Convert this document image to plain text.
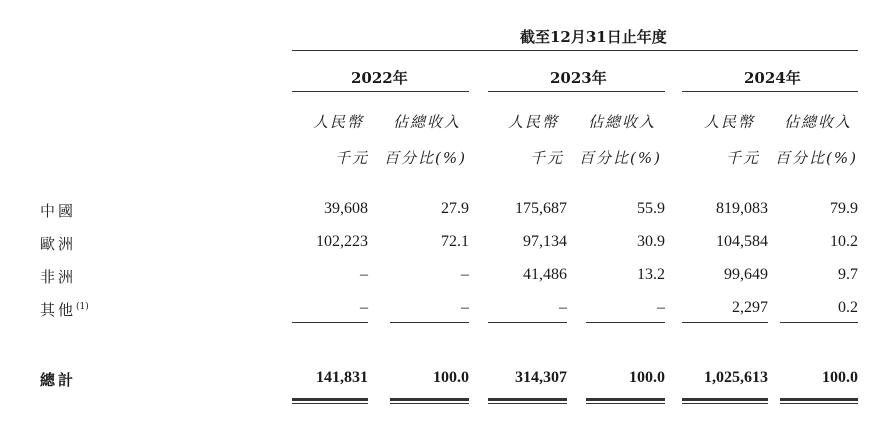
截至12月31日止年度
2022年	2023年	2024年
人民幣 佔總收入
千元 百分比(%)
人民幣 佔總收入
千元 百分比(%)
人民幣 佔總收入
千元 百分比(%)
中國	39,608	27.9	175,687	55.9	819,083	79.9
歐洲	102,223	72.1	97,134	30.9	104,584	10.2
非洲	–	–	41,486	13.2	99,649	9.7
其他$^{(1)}$	–	–	–	–	2,297	0.2
總計	141,831	100.0	314,307	100.0	1,025,613	100.0
